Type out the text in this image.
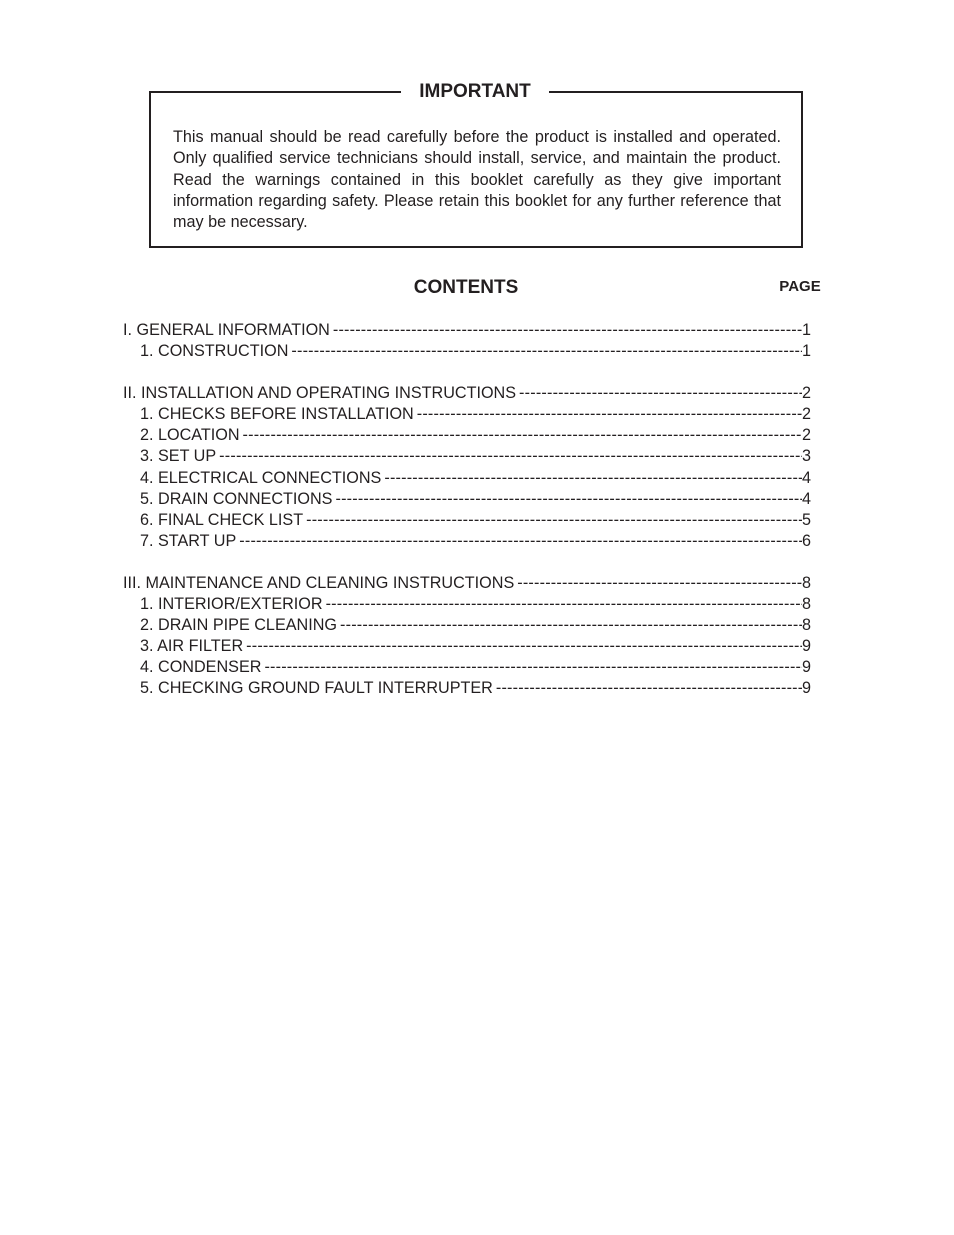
IMPORTANT

This manual should be read carefully before the product is installed and operated. Only qualified service technicians should install, service, and maintain the product. Read the warnings contained in this booklet carefully as they give important information regarding safety. Please retain this booklet for any further reference that may be necessary.

CONTENTS	PAGE
I. GENERAL INFORMATION -----	1
1. CONSTRUCTION -----	1
II. INSTALLATION AND OPERATING INSTRUCTIONS -----	2
1. CHECKS BEFORE INSTALLATION -----	2
2. LOCATION -----	2
3. SET UP -----	3
4. ELECTRICAL CONNECTIONS -----	4
5. DRAIN CONNECTIONS -----	4
6. FINAL CHECK LIST -----	5
7. START UP -----	6
III. MAINTENANCE AND CLEANING INSTRUCTIONS -----	8
1. INTERIOR/EXTERIOR -----	8
2. DRAIN PIPE CLEANING -----	8
3. AIR FILTER -----	9
4. CONDENSER -----	9
5. CHECKING GROUND FAULT INTERRUPTER -----	9
